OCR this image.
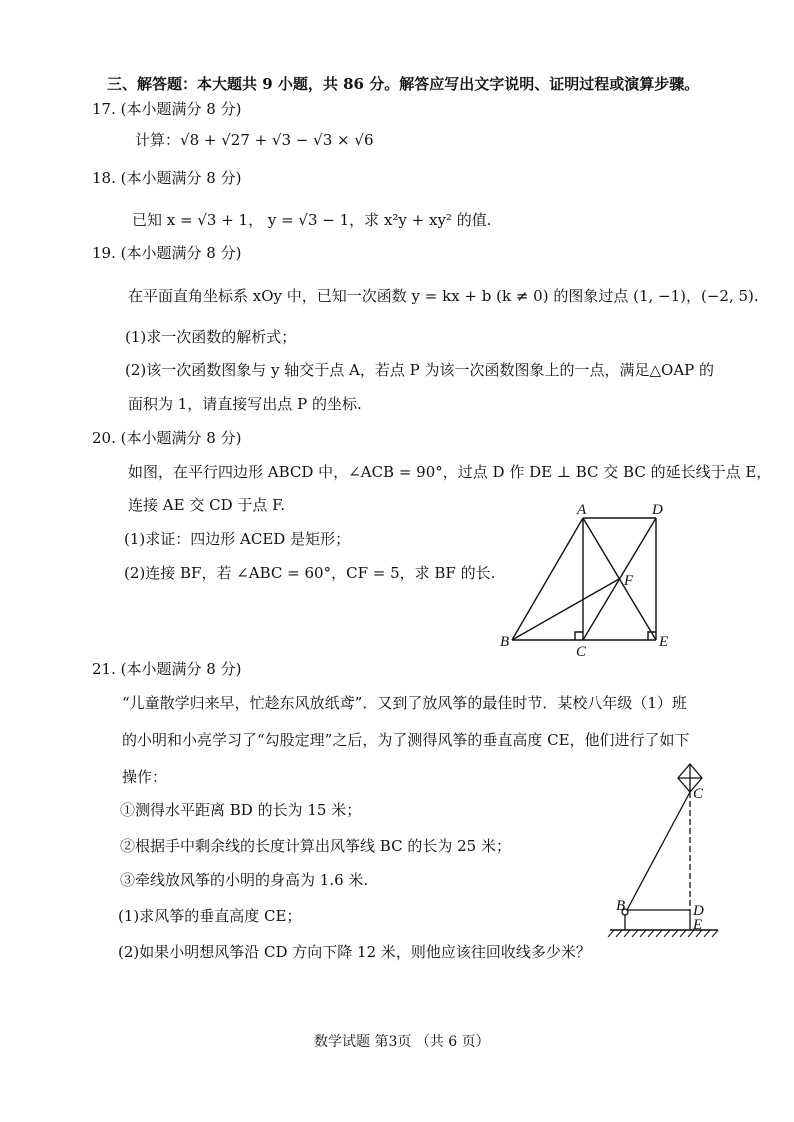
三、解答题：本大题共 9 小题，共 86 分。解答应写出文字说明、证明过程或演算步骤。
17. (本小题满分 8 分)
计算：√8 + √27 + √3 − √3 × √6
18. (本小题满分 8 分)
已知 x = √3 + 1， y = √3 − 1，求 x²y + xy² 的值.
19. (本小题满分 8 分)
在平面直角坐标系 xOy 中，已知一次函数 y = kx + b (k ≠ 0) 的图象过点 (1, −1)，(−2, 5).
(1)求一次函数的解析式；
(2)该一次函数图象与 y 轴交于点 A，若点 P 为该一次函数图象上的一点，满足△OAP 的
面积为 1，请直接写出点 P 的坐标.
20. (本小题满分 8 分)
如图，在平行四边形 ABCD 中，∠ACB = 90°，过点 D 作 DE ⊥ BC 交 BC 的延长线于点 E，
连接 AE 交 CD 于点 F.
(1)求证：四边形 ACED 是矩形；
(2)连接 BF，若 ∠ABC = 60°，CF = 5，求 BF 的长.
A	D
F
B
C
E
21. (本小题满分 8 分)
“儿童散学归来早，忙趁东风放纸鸢”．又到了放风筝的最佳时节．某校八年级（1）班
的小明和小亮学习了“勾股定理”之后，为了测得风筝的垂直高度 CE，他们进行了如下
操作：
①测得水平距离 BD 的长为 15 米；
②根据手中剩余线的长度计算出风筝线 BC 的长为 25 米；
③牵线放风筝的小明的身高为 1.6 米.
(1)求风筝的垂直高度 CE；
(2)如果小明想风筝沿 CD 方向下降 12 米，则他应该往回收线多少米？
C
B	D
E
数学试题 第3页 （共 6 页）
